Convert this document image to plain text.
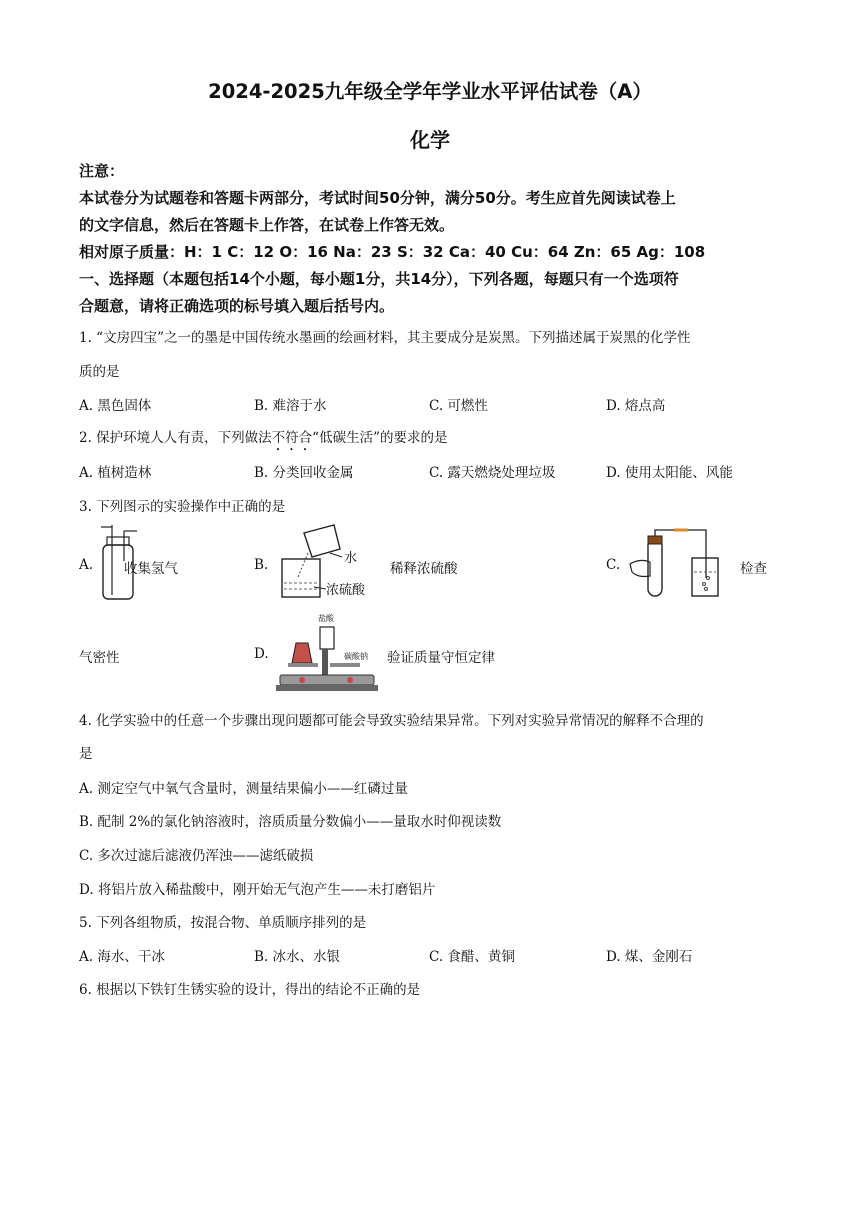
2024-2025九年级全学年学业水平评估试卷（A）
化学
注意：
本试卷分为试题卷和答题卡两部分，考试时间50分钟，满分50分。考生应首先阅读试卷上
的文字信息，然后在答题卡上作答，在试卷上作答无效。
相对原子质量：H：1 C：12 O：16 Na：23 S：32 Ca：40 Cu：64 Zn：65 Ag：108
一、选择题（本题包括14个小题，每小题1分，共14分），下列各题，每题只有一个选项符
合题意，请将正确选项的标号填入题后括号内。
1. “文房四宝”之一的墨是中国传统水墨画的绘画材料，其主要成分是炭黑。下列描述属于炭黑的化学性
质的是
A. 黑色固体	B. 难溶于水	C. 可燃性	D. 熔点高
2. 保护环境人人有责，下列做法不符合“低碳生活”的要求的是
A. 植树造林	B. 分类回收金属	C. 露天燃烧处理垃圾	D. 使用太阳能、风能
3. 下列图示的实验操作中正确的是
A. 收集氢气	B.	水
浓硫酸
稀释浓硫酸	C.	检查
气密性	D.
盐酸
碳酸钠 验证质量守恒定律
4. 化学实验中的任意一个步骤出现问题都可能会导致实验结果异常。下列对实验异常情况的解释不合理的
是
A. 测定空气中氧气含量时，测量结果偏小——红磷过量
B. 配制 2%的氯化钠溶液时，溶质质量分数偏小——量取水时仰视读数
C. 多次过滤后滤液仍浑浊——滤纸破损
D. 将铝片放入稀盐酸中，刚开始无气泡产生——未打磨铝片
5. 下列各组物质，按混合物、单质顺序排列的是
A. 海水、干冰	B. 冰水、水银	C. 食醋、黄铜	D. 煤、金刚石
6. 根据以下铁钉生锈实验的设计，得出的结论不正确的是
